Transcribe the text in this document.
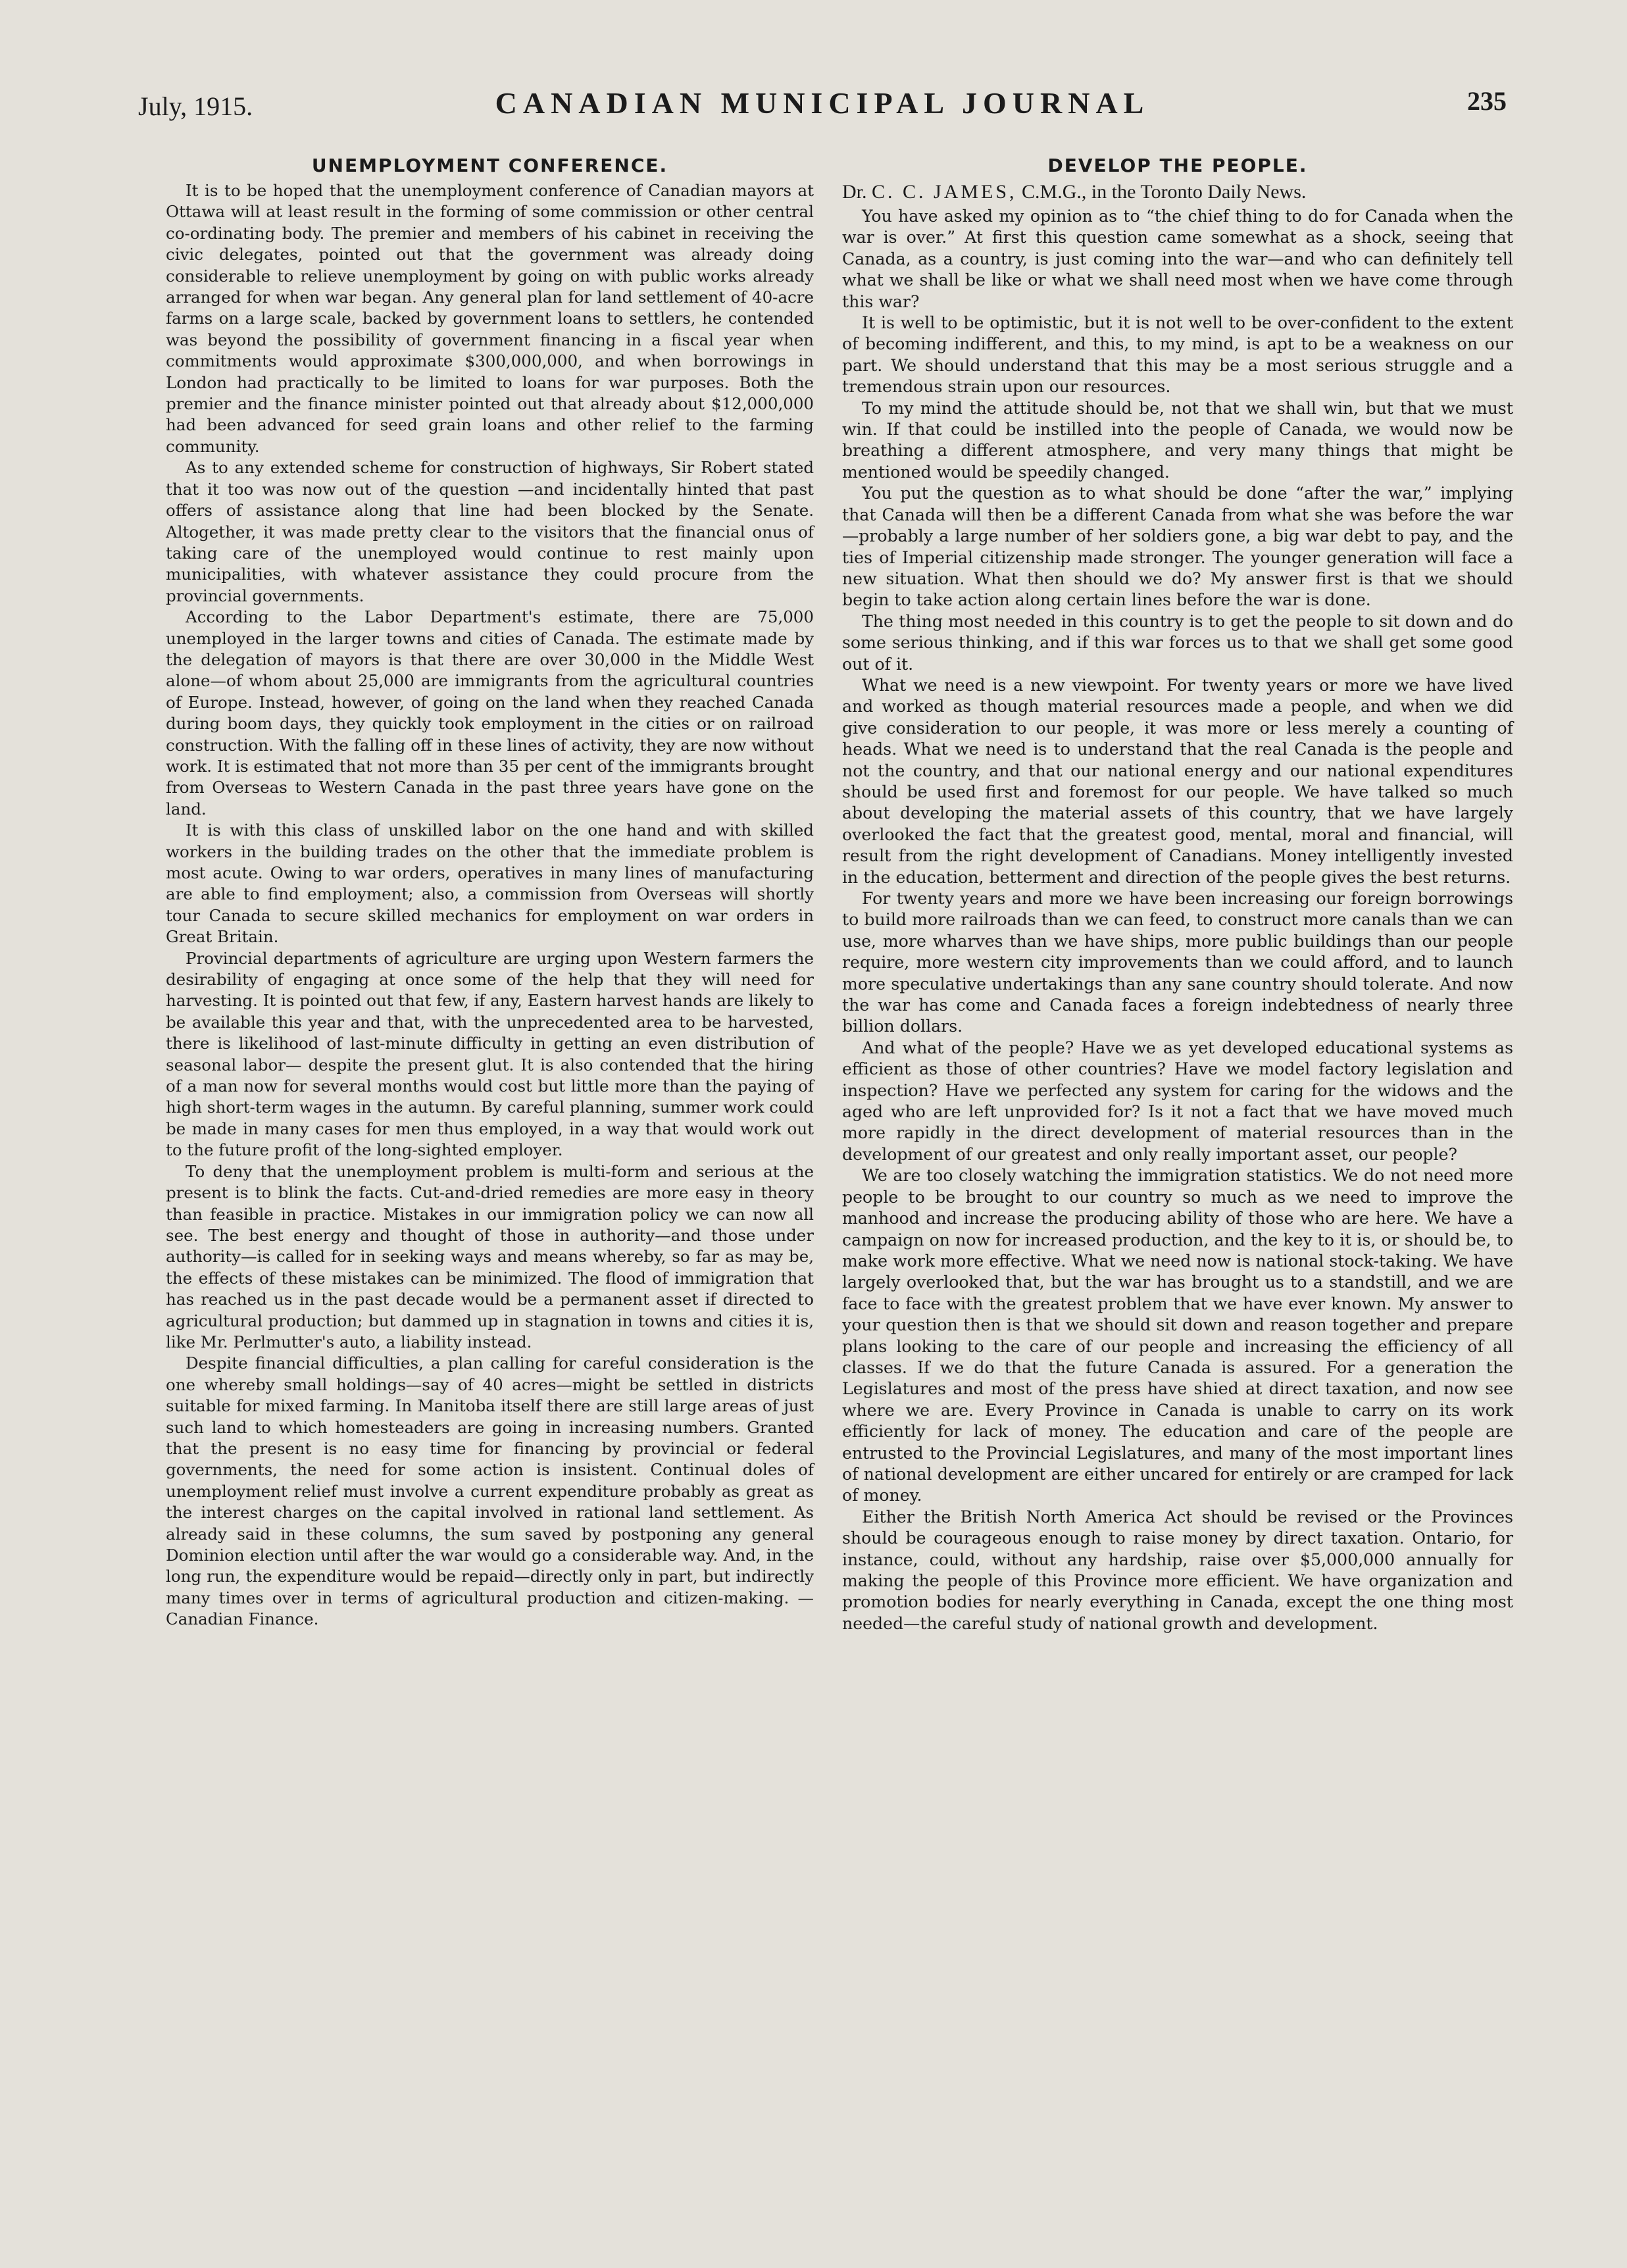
July, 1915.	CANADIAN MUNICIPAL JOURNAL	235
UNEMPLOYMENT CONFERENCE.

It is to be hoped that the unemployment conference of Canadian mayors at Ottawa will at least result in the forming of some commission or other central co-ordinating body. The premier and members of his cabinet in receiving the civic delegates, pointed out that the government was already doing considerable to relieve unemployment by going on with public works already arranged for when war began. Any general plan for land settlement of 40-acre farms on a large scale, backed by government loans to settlers, he contended was beyond the possibility of government financing in a fiscal year when commitments would approximate $300,000,000, and when borrowings in London had practically to be limited to loans for war purposes. Both the premier and the finance minister pointed out that already about $12,000,000 had been advanced for seed grain loans and other relief to the farming community.

As to any extended scheme for construction of highways, Sir Robert stated that it too was now out of the question —and incidentally hinted that past offers of assistance along that line had been blocked by the Senate. Altogether, it was made pretty clear to the visitors that the financial onus of taking care of the unemployed would continue to rest mainly upon municipalities, with whatever assistance they could procure from the provincial governments.

According to the Labor Department's estimate, there are 75,000 unemployed in the larger towns and cities of Canada. The estimate made by the delegation of mayors is that there are over 30,000 in the Middle West alone—of whom about 25,000 are immigrants from the agricultural countries of Europe. Instead, however, of going on the land when they reached Canada during boom days, they quickly took employment in the cities or on railroad construction. With the falling off in these lines of activity, they are now without work. It is estimated that not more than 35 per cent of the immigrants brought from Overseas to Western Canada in the past three years have gone on the land.

It is with this class of unskilled labor on the one hand and with skilled workers in the building trades on the other that the immediate problem is most acute. Owing to war orders, operatives in many lines of manufacturing are able to find employment; also, a commission from Overseas will shortly tour Canada to secure skilled mechanics for employment on war orders in Great Britain.

Provincial departments of agriculture are urging upon Western farmers the desirability of engaging at once some of the help that they will need for harvesting. It is pointed out that few, if any, Eastern harvest hands are likely to be available this year and that, with the unprecedented area to be harvested, there is likelihood of last-minute difficulty in getting an even distribution of seasonal labor— despite the present glut. It is also contended that the hiring of a man now for several months would cost but little more than the paying of high short-term wages in the autumn. By careful planning, summer work could be made in many cases for men thus employed, in a way that would work out to the future profit of the long-sighted employer.

To deny that the unemployment problem is multi-form and serious at the present is to blink the facts. Cut-and-dried remedies are more easy in theory than feasible in practice. Mistakes in our immigration policy we can now all see. The best energy and thought of those in authority—and those under authority—is called for in seeking ways and means whereby, so far as may be, the effects of these mistakes can be minimized. The flood of immigration that has reached us in the past decade would be a permanent asset if directed to agricultural production; but dammed up in stagnation in towns and cities it is, like Mr. Perlmutter's auto, a liability instead.

Despite financial difficulties, a plan calling for careful consideration is the one whereby small holdings—say of 40 acres—might be settled in districts suitable for mixed farming. In Manitoba itself there are still large areas of just such land to which homesteaders are going in increasing numbers. Granted that the present is no easy time for financing by provincial or federal governments, the need for some action is insistent. Continual doles of unemployment relief must involve a current expenditure probably as great as the interest charges on the capital involved in rational land settlement. As already said in these columns, the sum saved by postponing any general Dominion election until after the war would go a considerable way. And, in the long run, the expenditure would be repaid—directly only in part, but indirectly many times over in terms of agricultural production and citizen-making. — Canadian Finance.

DEVELOP THE PEOPLE.

Dr. C. C. JAMES, C.M.G., in the Toronto Daily News.

You have asked my opinion as to “the chief thing to do for Canada when the war is over.” At first this question came somewhat as a shock, seeing that Canada, as a country, is just coming into the war—and who can definitely tell what we shall be like or what we shall need most when we have come through this war?

It is well to be optimistic, but it is not well to be over-confident to the extent of becoming indifferent, and this, to my mind, is apt to be a weakness on our part. We should understand that this may be a most serious struggle and a tremendous strain upon our resources.

To my mind the attitude should be, not that we shall win, but that we must win. If that could be instilled into the people of Canada, we would now be breathing a different atmosphere, and very many things that might be mentioned would be speedily changed.

You put the question as to what should be done “after the war,” implying that Canada will then be a different Canada from what she was before the war—probably a large number of her soldiers gone, a big war debt to pay, and the ties of Imperial citizenship made stronger. The younger generation will face a new situation. What then should we do? My answer first is that we should begin to take action along certain lines before the war is done.

The thing most needed in this country is to get the people to sit down and do some serious thinking, and if this war forces us to that we shall get some good out of it.

What we need is a new viewpoint. For twenty years or more we have lived and worked as though material resources made a people, and when we did give consideration to our people, it was more or less merely a counting of heads. What we need is to understand that the real Canada is the people and not the country, and that our national energy and our national expenditures should be used first and foremost for our people. We have talked so much about developing the material assets of this country, that we have largely overlooked the fact that the greatest good, mental, moral and financial, will result from the right development of Canadians. Money intelligently invested in the education, betterment and direction of the people gives the best returns.

For twenty years and more we have been increasing our foreign borrowings to build more railroads than we can feed, to construct more canals than we can use, more wharves than we have ships, more public buildings than our people require, more western city improvements than we could afford, and to launch more speculative undertakings than any sane country should tolerate. And now the war has come and Canada faces a foreign indebtedness of nearly three billion dollars.

And what of the people? Have we as yet developed educational systems as efficient as those of other countries? Have we model factory legislation and inspection? Have we perfected any system for caring for the widows and the aged who are left unprovided for? Is it not a fact that we have moved much more rapidly in the direct development of material resources than in the development of our greatest and only really important asset, our people?

We are too closely watching the immigration statistics. We do not need more people to be brought to our country so much as we need to improve the manhood and increase the producing ability of those who are here. We have a campaign on now for increased production, and the key to it is, or should be, to make work more effective. What we need now is national stock-taking. We have largely overlooked that, but the war has brought us to a standstill, and we are face to face with the greatest problem that we have ever known. My answer to your question then is that we should sit down and reason together and prepare plans looking to the care of our people and increasing the efficiency of all classes. If we do that the future Canada is assured. For a generation the Legislatures and most of the press have shied at direct taxation, and now see where we are. Every Province in Canada is unable to carry on its work efficiently for lack of money. The education and care of the people are entrusted to the Provincial Legislatures, and many of the most important lines of national development are either uncared for entirely or are cramped for lack of money.

Either the British North America Act should be revised or the Provinces should be courageous enough to raise money by direct taxation. Ontario, for instance, could, without any hardship, raise over $5,000,000 annually for making the people of this Province more efficient. We have organization and promotion bodies for nearly everything in Canada, except the one thing most needed—the careful study of national growth and development.
